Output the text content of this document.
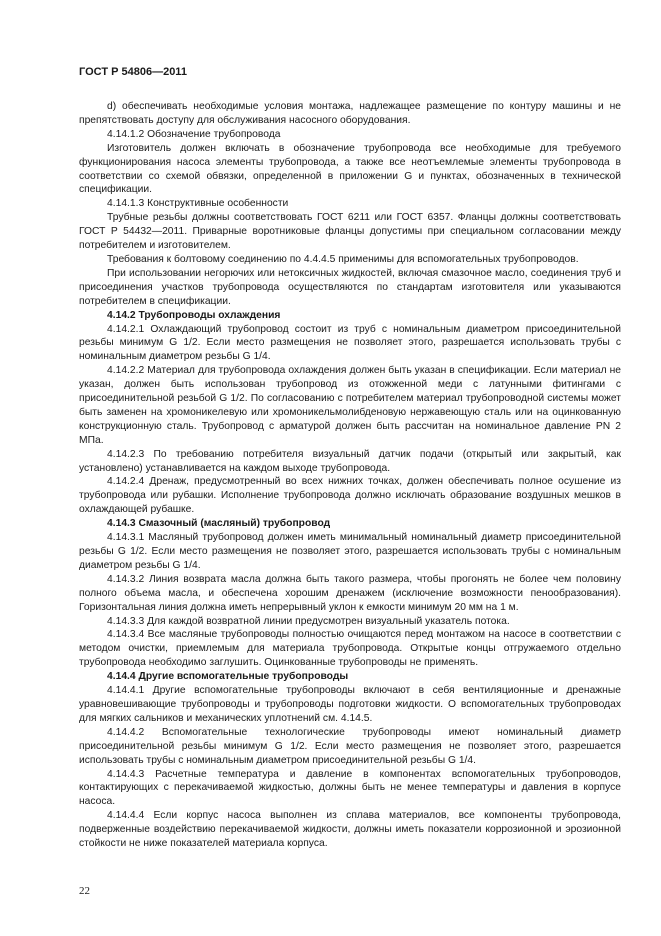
ГОСТ Р 54806—2011

d) обеспечивать необходимые условия монтажа, надлежащее размещение по контуру машины и не препятствовать доступу для обслуживания насосного оборудования.

4.14.1.2 Обозначение трубопровода

Изготовитель должен включать в обозначение трубопровода все необходимые для требуемого функционирования насоса элементы трубопровода, а также все неотъемлемые элементы трубопровода в соответствии со схемой обвязки, определенной в приложении G и пунктах, обозначенных в технической спецификации.

4.14.1.3 Конструктивные особенности

Трубные резьбы должны соответствовать ГОСТ 6211 или ГОСТ 6357. Фланцы должны соответствовать ГОСТ Р 54432—2011. Приварные воротниковые фланцы допустимы при специальном согласовании между потребителем и изготовителем.

Требования к болтовому соединению по 4.4.4.5 применимы для вспомогательных трубопроводов.

При использовании негорючих или нетоксичных жидкостей, включая смазочное масло, соединения труб и присоединения участков трубопровода осуществляются по стандартам изготовителя или указываются потребителем в спецификации.

4.14.2 Трубопроводы охлаждения

4.14.2.1 Охлаждающий трубопровод состоит из труб с номинальным диаметром присоединительной резьбы минимум G 1/2. Если место размещения не позволяет этого, разрешается использовать трубы с номинальным диаметром резьбы G 1/4.

4.14.2.2 Материал для трубопровода охлаждения должен быть указан в спецификации. Если материал не указан, должен быть использован трубопровод из отожженной меди с латунными фитингами с присоединительной резьбой G 1/2. По согласованию с потребителем материал трубопроводной системы может быть заменен на хромоникелевую или хромоникельмолибденовую нержавеющую сталь или на оцинкованную конструкционную сталь. Трубопровод с арматурой должен быть рассчитан на номинальное давление PN 2 МПа.

4.14.2.3 По требованию потребителя визуальный датчик подачи (открытый или закрытый, как установлено) устанавливается на каждом выходе трубопровода.

4.14.2.4 Дренаж, предусмотренный во всех нижних точках, должен обеспечивать полное осушение из трубопровода или рубашки. Исполнение трубопровода должно исключать образование воздушных мешков в охлаждающей рубашке.

4.14.3 Смазочный (масляный) трубопровод

4.14.3.1 Масляный трубопровод должен иметь минимальный номинальный диаметр присоединительной резьбы G 1/2. Если место размещения не позволяет этого, разрешается использовать трубы с номинальным диаметром резьбы G 1/4.

4.14.3.2 Линия возврата масла должна быть такого размера, чтобы прогонять не более чем половину полного объема масла, и обеспечена хорошим дренажем (исключение возможности пенообразования). Горизонтальная линия должна иметь непрерывный уклон к емкости минимум 20 мм на 1 м.

4.14.3.3 Для каждой возвратной линии предусмотрен визуальный указатель потока.

4.14.3.4 Все масляные трубопроводы полностью очищаются перед монтажом на насосе в соответствии с методом очистки, приемлемым для материала трубопровода. Открытые концы отгружаемого отдельно трубопровода необходимо заглушить. Оцинкованные трубопроводы не применять.

4.14.4 Другие вспомогательные трубопроводы

4.14.4.1 Другие вспомогательные трубопроводы включают в себя вентиляционные и дренажные уравновешивающие трубопроводы и трубопроводы подготовки жидкости. О вспомогательных трубопроводах для мягких сальников и механических уплотнений см. 4.14.5.

4.14.4.2 Вспомогательные технологические трубопроводы имеют номинальный диаметр присоединительной резьбы минимум G 1/2. Если место размещения не позволяет этого, разрешается использовать трубы с номинальным диаметром присоединительной резьбы G 1/4.

4.14.4.3 Расчетные температура и давление в компонентах вспомогательных трубопроводов, контактирующих с перекачиваемой жидкостью, должны быть не менее температуры и давления в корпусе насоса.

4.14.4.4 Если корпус насоса выполнен из сплава материалов, все компоненты трубопровода, подверженные воздействию перекачиваемой жидкости, должны иметь показатели коррозионной и эрозионной стойкости не ниже показателей материала корпуса.

22
